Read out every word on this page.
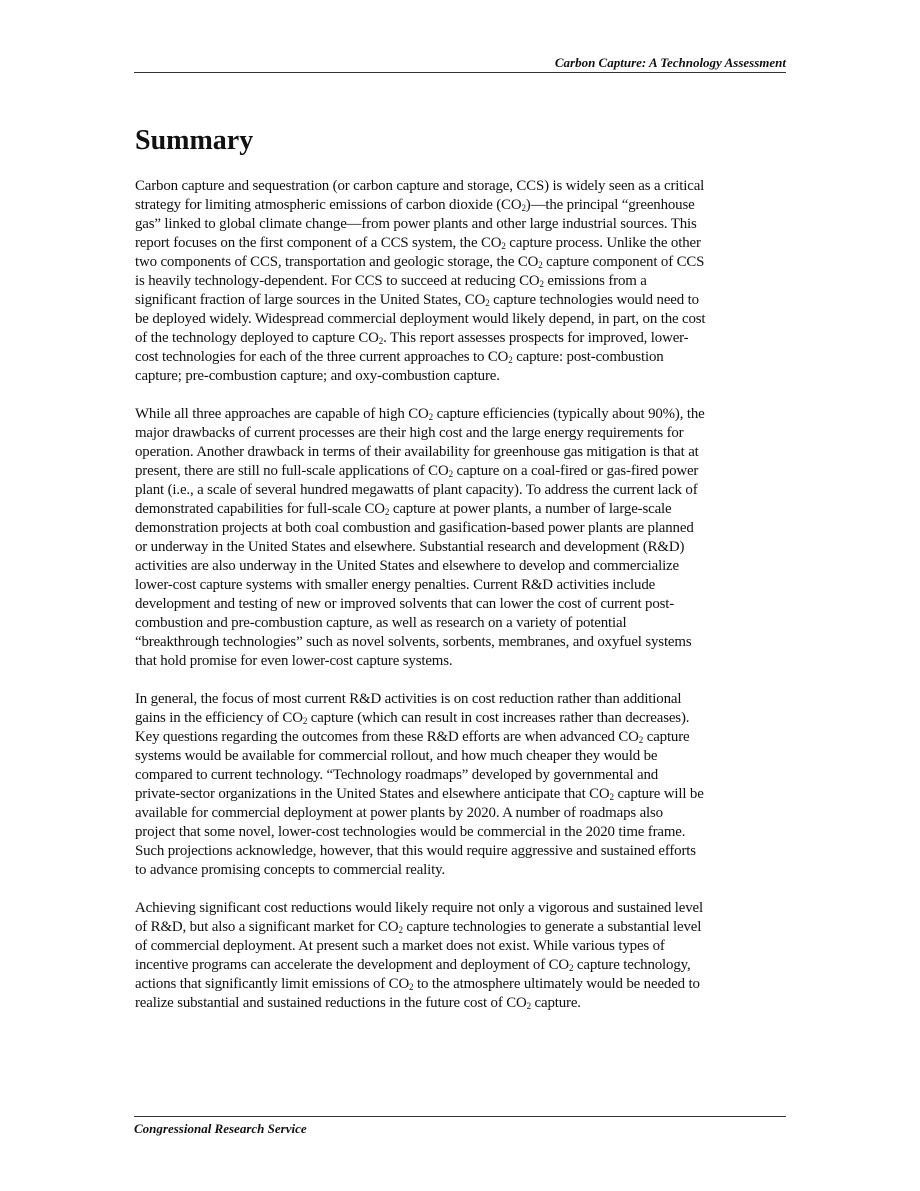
Carbon Capture: A Technology Assessment
Summary

Carbon capture and sequestration (or carbon capture and storage, CCS) is widely seen as a critical
strategy for limiting atmospheric emissions of carbon dioxide $(CO_2)—the$ principal “greenhouse
gas” linked to global climate change—from power plants and other large industrial sources. This
report focuses on the first component of a CCS system, the $CO_2$ capture process. Unlike the other
two components of CCS, transportation and geologic storage, the $CO_2$ capture component of CCS
is heavily technology-dependent. For CCS to succeed at reducing $CO_2$ emissions from a
significant fraction of large sources in the United States, $CO_2$ capture technologies would need to
be deployed widely. Widespread commercial deployment would likely depend, in part, on the cost
of the technology deployed to capture $CO_2$. This report assesses prospects for improved, lower-
cost technologies for each of the three current approaches to $CO_2$ capture: post-combustion
capture; pre-combustion capture; and oxy-combustion capture.

While all three approaches are capable of high $CO_2$ capture efficiencies (typically about 90%), the
major drawbacks of current processes are their high cost and the large energy requirements for
operation. Another drawback in terms of their availability for greenhouse gas mitigation is that at
present, there are still no full-scale applications of $CO_2$ capture on a coal-fired or gas-fired power
plant (i.e., a scale of several hundred megawatts of plant capacity). To address the current lack of
demonstrated capabilities for full-scale $CO_2$ capture at power plants, a number of large-scale
demonstration projects at both coal combustion and gasification-based power plants are planned
or underway in the United States and elsewhere. Substantial research and development (R&D)
activities are also underway in the United States and elsewhere to develop and commercialize
lower-cost capture systems with smaller energy penalties. Current R&D activities include
development and testing of new or improved solvents that can lower the cost of current post-
combustion and pre-combustion capture, as well as research on a variety of potential
“breakthrough technologies” such as novel solvents, sorbents, membranes, and oxyfuel systems
that hold promise for even lower-cost capture systems.

In general, the focus of most current R&D activities is on cost reduction rather than additional
gains in the efficiency of $CO_2$ capture (which can result in cost increases rather than decreases).
Key questions regarding the outcomes from these R&D efforts are when advanced $CO_2$ capture
systems would be available for commercial rollout, and how much cheaper they would be
compared to current technology. “Technology roadmaps” developed by governmental and
private-sector organizations in the United States and elsewhere anticipate that $CO_2$ capture will be
available for commercial deployment at power plants by 2020. A number of roadmaps also
project that some novel, lower-cost technologies would be commercial in the 2020 time frame.
Such projections acknowledge, however, that this would require aggressive and sustained efforts
to advance promising concepts to commercial reality.

Achieving significant cost reductions would likely require not only a vigorous and sustained level
of R&D, but also a significant market for $CO_2$ capture technologies to generate a substantial level
of commercial deployment. At present such a market does not exist. While various types of
incentive programs can accelerate the development and deployment of $CO_2$ capture technology,
actions that significantly limit emissions of $CO_2$ to the atmosphere ultimately would be needed to
realize substantial and sustained reductions in the future cost of $CO_2$ capture.

Congressional Research Service
